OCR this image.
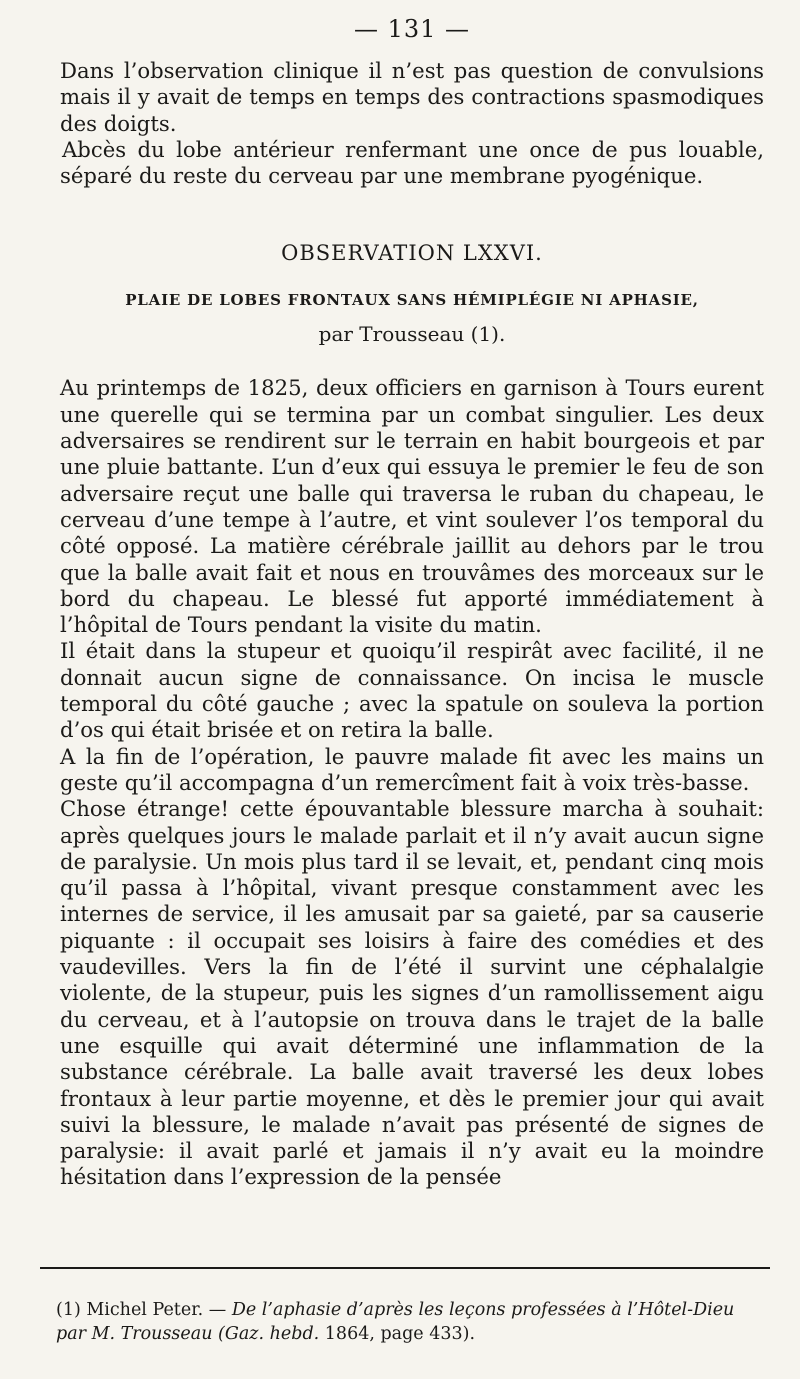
— 131 —

Dans l’observation clinique il n’est pas question de convulsions mais il y avait de temps en temps des contractions spasmodiques des doigts.

Abcès du lobe antérieur renfermant une once de pus louable, séparé du reste du cerveau par une membrane pyogénique.

OBSERVATION LXXVI.
PLAIE DE LOBES FRONTAUX SANS HÉMIPLÉGIE NI APHASIE,
par Trousseau (1).

Au printemps de 1825, deux officiers en garnison à Tours eurent une querelle qui se termina par un combat singulier. Les deux adversaires se rendirent sur le terrain en habit bourgeois et par une pluie battante. L’un d’eux qui essuya le premier le feu de son adversaire reçut une balle qui traversa le ruban du chapeau, le cerveau d’une tempe à l’autre, et vint soulever l’os temporal du côté opposé. La matière cérébrale jaillit au dehors par le trou que la balle avait fait et nous en trouvâmes des morceaux sur le bord du chapeau. Le blessé fut apporté immédiatement à l’hôpital de Tours pendant la visite du matin.

Il était dans la stupeur et quoiqu’il respirât avec facilité, il ne donnait aucun signe de connaissance. On incisa le muscle temporal du côté gauche ; avec la spatule on souleva la portion d’os qui était brisée et on retira la balle.

A la fin de l’opération, le pauvre malade fit avec les mains un geste qu’il accompagna d’un remercîment fait à voix très-basse.

Chose étrange! cette épouvantable blessure marcha à souhait: après quelques jours le malade parlait et il n’y avait aucun signe de paralysie. Un mois plus tard il se levait, et, pendant cinq mois qu’il passa à l’hôpital, vivant presque constamment avec les internes de service, il les amusait par sa gaieté, par sa causerie piquante : il occupait ses loisirs à faire des comédies et des vaudevilles. Vers la fin de l’été il survint une céphalalgie violente, de la stupeur, puis les signes d’un ramollissement aigu du cerveau, et à l’autopsie on trouva dans le trajet de la balle une esquille qui avait déterminé une inflammation de la substance cérébrale. La balle avait traversé les deux lobes frontaux à leur partie moyenne, et dès le premier jour qui avait suivi la blessure, le malade n’avait pas présenté de signes de paralysie: il avait parlé et jamais il n’y avait eu la moindre hésitation dans l’expression de la pensée

(1) Michel Peter. — De l’aphasie d’après les leçons professées à l’Hôtel-Dieu par M. Trousseau (Gaz. hebd. 1864, page 433).
